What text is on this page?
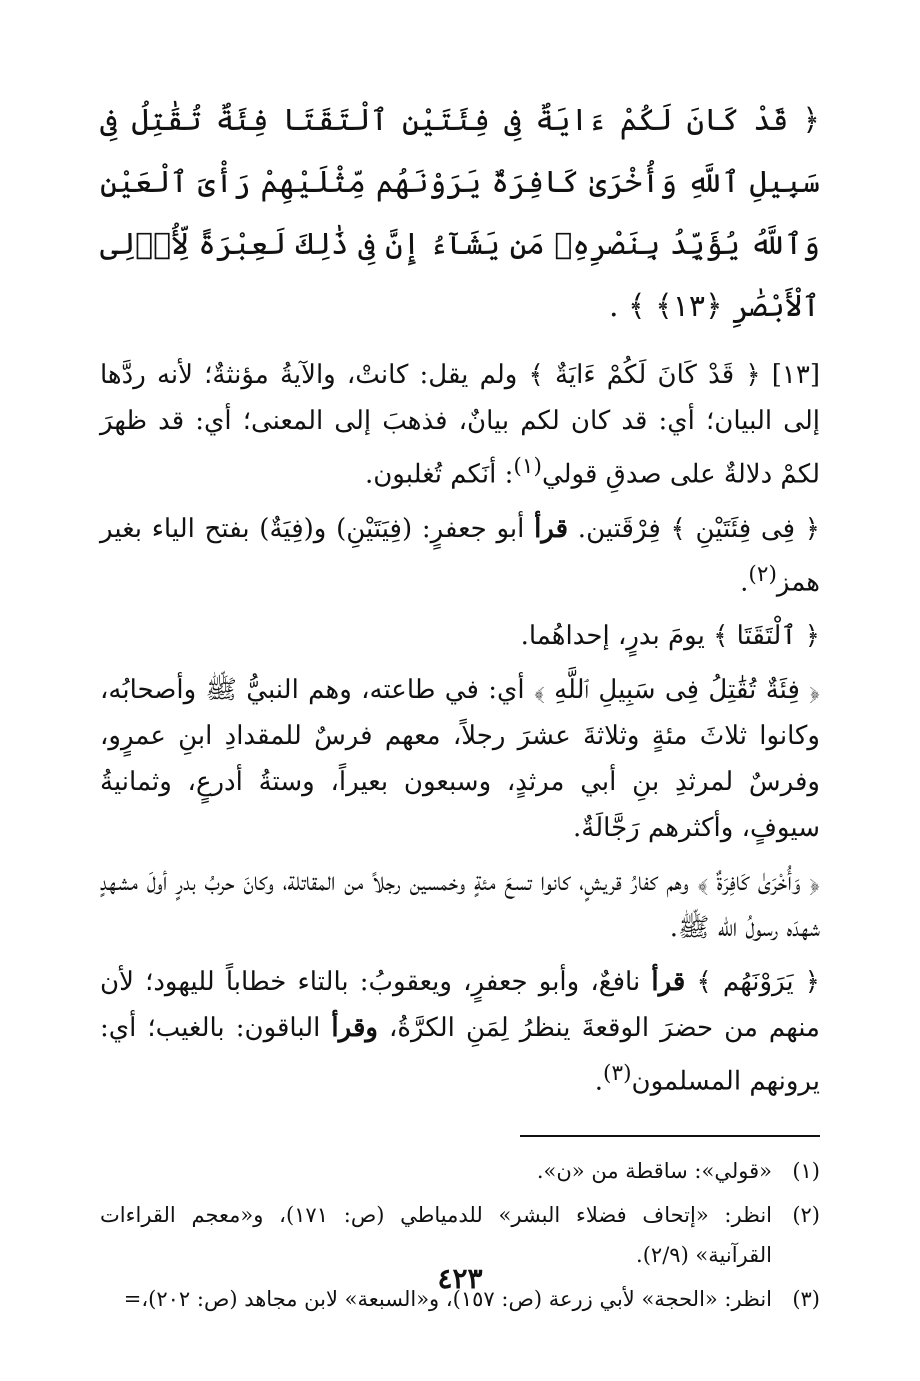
﴿ قَدْ كَانَ لَكُمْ ءَايَةٌ فِى فِئَتَيْنِ ٱلْتَقَتَا فِئَةٌ تُقَٰتِلُ فِى سَبِيلِ ٱللَّهِ وَأُخْرَىٰ كَافِرَةٌ يَرَوْنَهُم مِّثْلَيْهِمْ رَأْىَ ٱلْعَيْنِ وَٱللَّهُ يُؤَيِّدُ بِنَصْرِهِۦ مَن يَشَآءُ إِنَّ فِى ذَٰلِكَ لَعِبْرَةً لِّأُو۟لِى ٱلْأَبْصَٰرِ ﴿١٣﴾ ﴾ .

[١٣] ﴿ قَدْ كَانَ لَكُمْ ءَايَةٌ ﴾ ولم يقل: كانتْ، والآيةُ مؤنثةٌ؛ لأنه ردَّها إلى البيان؛ أي: قد كان لكم بيانٌ، فذهبَ إلى المعنى؛ أي: قد ظهرَ لكمْ دلالةٌ على صدقِ قولي$^{(١)}$: أنَكم تُغلبون.

﴿ فِى فِئَتَيْنِ ﴾ فِرْقَتين. قرأ أبو جعفرٍ: (فِيَتَيْنِ) و(فِيَةٌ) بفتح الياء بغير همز$^{(٢)}$.

﴿ ٱلْتَقَتَا ﴾ يومَ بدرٍ، إحداهُما.

﴿ فِئَةٌ تُقَٰتِلُ فِى سَبِيلِ ٱللَّهِ ﴾ أي: في طاعته، وهم النبيُّ ﷺ وأصحابُه، وكانوا ثلاثَ مئةٍ وثلاثةَ عشرَ رجلاً، معهم فرسٌ للمقدادِ ابنِ عمرٍو، وفرسٌ لمرثدِ بنِ أبي مرثدٍ، وسبعون بعيراً، وستةُ أدرعٍ، وثمانيةُ سيوفٍ، وأكثرهم رَجَّالَةٌ.

﴿ وَأُخْرَىٰ كَافِرَةٌ ﴾ وهم كفارُ قريشٍ، كانوا تسعَ مئةٍ وخمسين رجلاً من المقاتلة، وكانَ حربُ بدرٍ أولَ مشهدٍ شهدَه رسولُ الله ﷺ.

﴿ يَرَوْنَهُم ﴾ قرأ نافعٌ، وأبو جعفرٍ، ويعقوبُ: بالتاء خطاباً لليهود؛ لأن منهم من حضرَ الوقعةَ ينظرُ لِمَنِ الكرَّةُ، وقرأ الباقون: بالغيب؛ أي: يرونهم المسلمون$^{(٣)}$.

(١)
«قولي»: ساقطة من «ن».
(٢)
انظر: «إتحاف فضلاء البشر» للدمياطي (ص: ١٧١)، و«معجم القراءات القرآنية» (٢/٩).
(٣)
انظر: «الحجة» لأبي زرعة (ص: ١٥٧)، و«السبعة» لابن مجاهد (ص: ٢٠٢)،=
٤٢٣
